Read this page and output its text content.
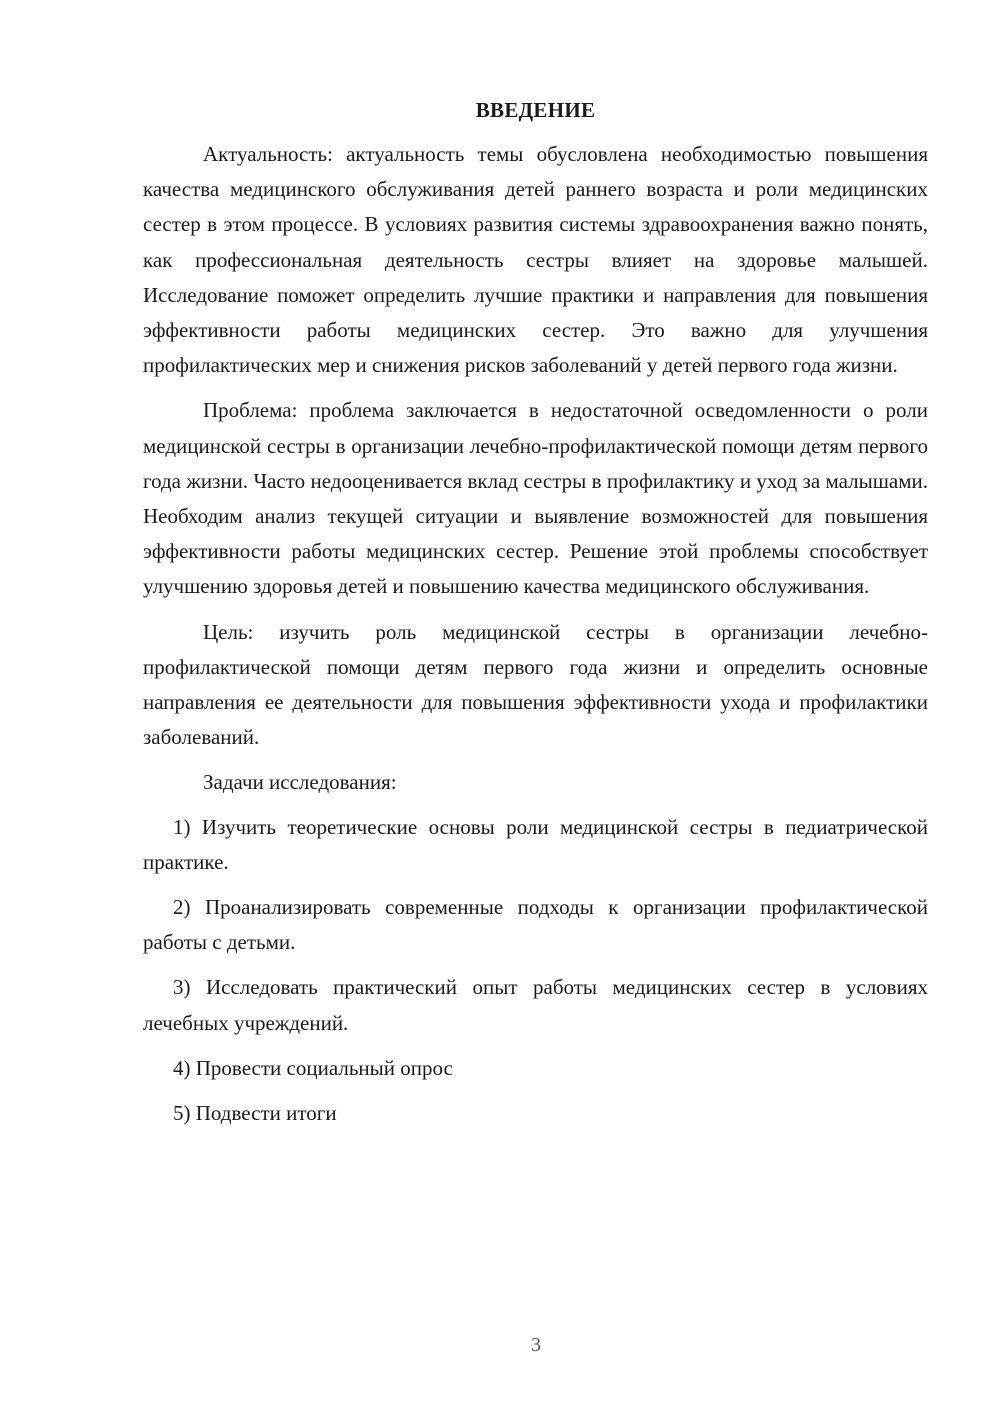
ВВЕДЕНИЕ

Актуальность: актуальность темы обусловлена необходимостью повышения качества медицинского обслуживания детей раннего возраста и роли медицинских сестер в этом процессе. В условиях развития системы здравоохранения важно понять, как профессиональная деятельность сестры влияет на здоровье малышей. Исследование поможет определить лучшие практики и направления для повышения эффективности работы медицинских сестер. Это важно для улучшения профилактических мер и снижения рисков заболеваний у детей первого года жизни.

Проблема: проблема заключается в недостаточной осведомленности о роли медицинской сестры в организации лечебно-профилактической помощи детям первого года жизни. Часто недооценивается вклад сестры в профилактику и уход за малышами. Необходим анализ текущей ситуации и выявление возможностей для повышения эффективности работы медицинских сестер. Решение этой проблемы способствует улучшению здоровья детей и повышению качества медицинского обслуживания.

Цель: изучить роль медицинской сестры в организации лечебно-профилактической помощи детям первого года жизни и определить основные направления ее деятельности для повышения эффективности ухода и профилактики заболеваний.

Задачи исследования:

1) Изучить теоретические основы роли медицинской сестры в педиатрической практике.

2) Проанализировать современные подходы к организации профилактической работы с детьми.

3) Исследовать практический опыт работы медицинских сестер в условиях лечебных учреждений.

4) Провести социальный опрос

5) Подвести итоги

3
